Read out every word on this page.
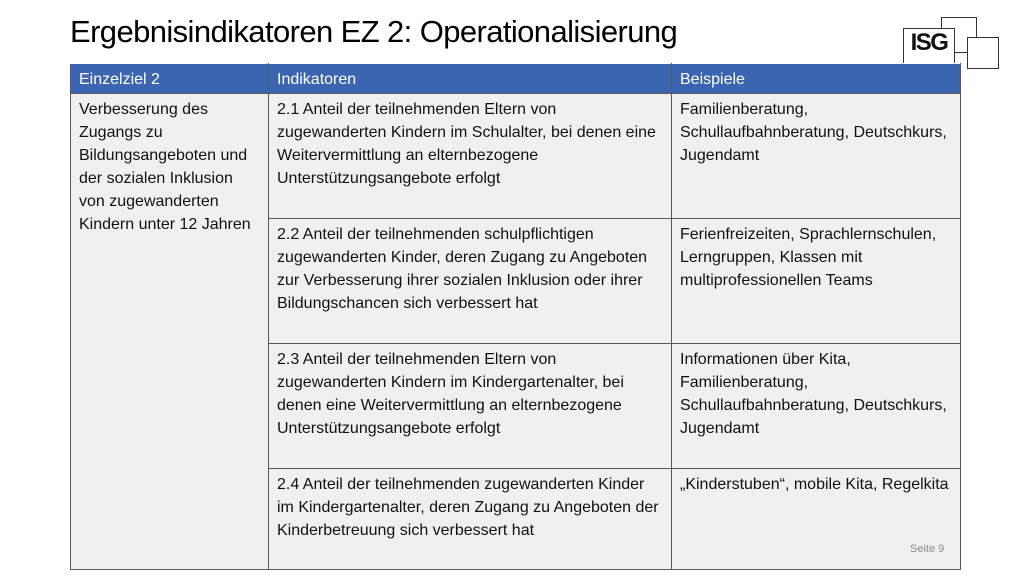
Ergebnisindikatoren EZ 2: Operationalisierung	ISG
Einzelziel 2	Indikatoren	Beispiele
Verbesserung des Zugangs zu Bildungsangeboten und der sozialen Inklusion von zugewanderten Kindern unter 12 Jahren	2.1 Anteil der teilnehmenden Eltern von zugewanderten Kindern im Schulalter, bei denen eine Weitervermittlung an elternbezogene Unterstützungsangebote erfolgt	Familienberatung, Schullaufbahnberatung, Deutschkurs, Jugendamt
	2.2 Anteil der teilnehmenden schulpflichtigen zugewanderten Kinder, deren Zugang zu Angeboten zur Verbesserung ihrer sozialen Inklusion oder ihrer Bildungschancen sich verbessert hat	Ferienfreizeiten, Sprachlernschulen, Lerngruppen, Klassen mit multiprofessionellen Teams
	2.3 Anteil der teilnehmenden Eltern von zugewanderten Kindern im Kindergartenalter, bei denen eine Weitervermittlung an elternbezogene Unterstützungsangebote erfolgt	Informationen über Kita, Familienberatung, Schullaufbahnberatung, Deutschkurs, Jugendamt
	2.4 Anteil der teilnehmenden zugewanderten Kinder im Kindergartenalter, deren Zugang zu Angeboten der Kinderbetreuung sich verbessert hat	„Kinderstuben“, mobile Kita, Regelkita
Seite 9
